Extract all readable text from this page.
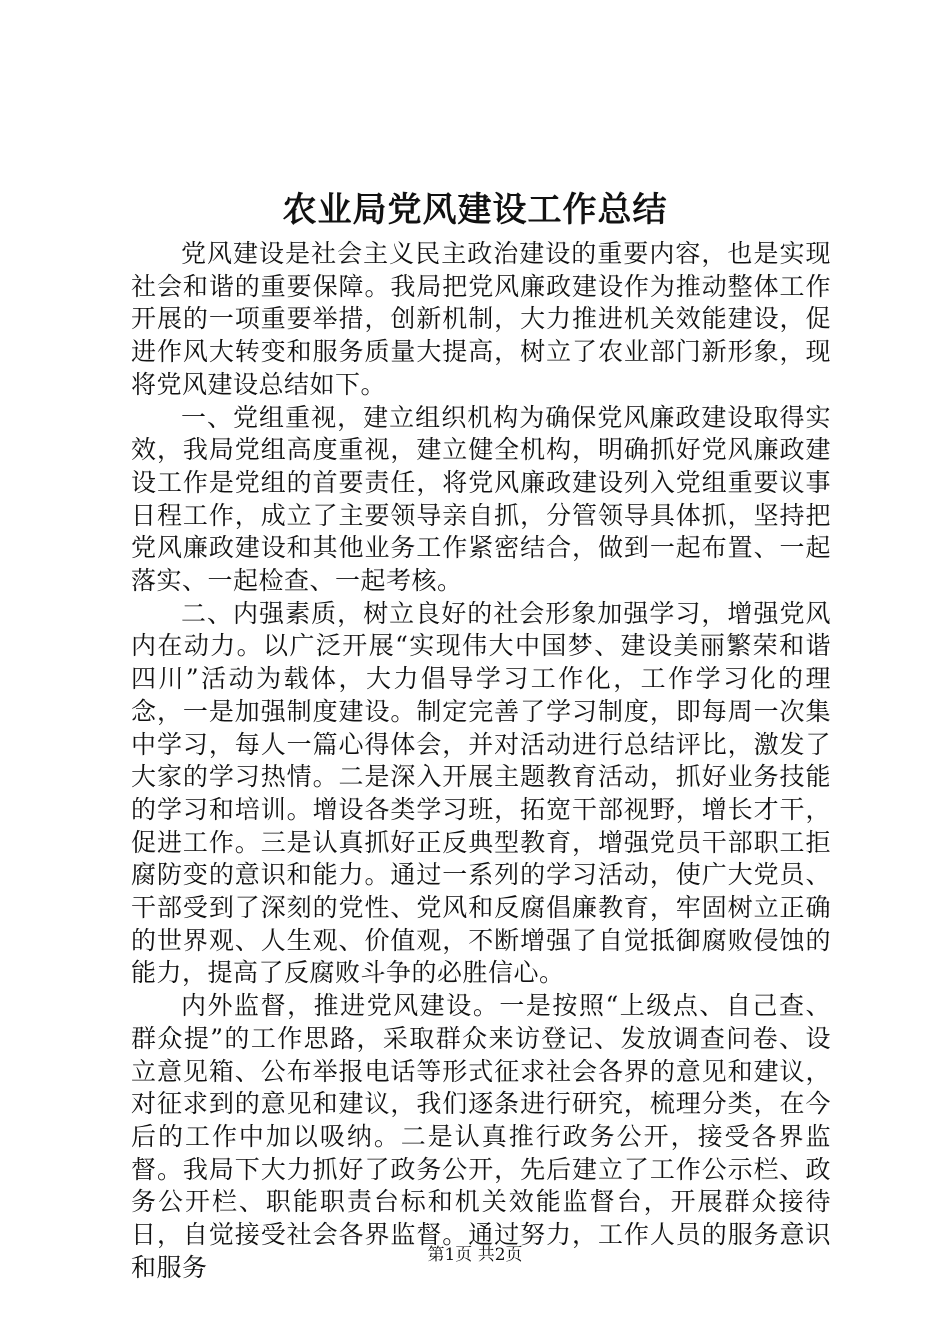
农业局党风建设工作总结

党风建设是社会主义民主政治建设的重要内容，也是实现社会和谐的重要保障。我局把党风廉政建设作为推动整体工作开展的一项重要举措，创新机制，大力推进机关效能建设，促进作风大转变和服务质量大提高，树立了农业部门新形象，现将党风建设总结如下。

一、党组重视，建立组织机构为确保党风廉政建设取得实效，我局党组高度重视，建立健全机构，明确抓好党风廉政建设工作是党组的首要责任，将党风廉政建设列入党组重要议事日程工作，成立了主要领导亲自抓，分管领导具体抓，坚持把党风廉政建设和其他业务工作紧密结合，做到一起布置、一起落实、一起检查、一起考核。

二、内强素质，树立良好的社会形象加强学习，增强党风内在动力。以广泛开展“实现伟大中国梦、建设美丽繁荣和谐四川”活动为载体，大力倡导学习工作化，工作学习化的理念，一是加强制度建设。制定完善了学习制度，即每周一次集中学习，每人一篇心得体会，并对活动进行总结评比，激发了大家的学习热情。二是深入开展主题教育活动，抓好业务技能的学习和培训。增设各类学习班，拓宽干部视野，增长才干，促进工作。三是认真抓好正反典型教育，增强党员干部职工拒腐防变的意识和能力。通过一系列的学习活动，使广大党员、干部受到了深刻的党性、党风和反腐倡廉教育，牢固树立正确的世界观、人生观、价值观，不断增强了自觉抵御腐败侵蚀的能力，提高了反腐败斗争的必胜信心。

内外监督，推进党风建设。一是按照“上级点、自己查、群众提”的工作思路，采取群众来访登记、发放调查问卷、设立意见箱、公布举报电话等形式征求社会各界的意见和建议，对征求到的意见和建议，我们逐条进行研究，梳理分类，在今后的工作中加以吸纳。二是认真推行政务公开，接受各界监督。我局下大力抓好了政务公开，先后建立了工作公示栏、政务公开栏、职能职责台标和机关效能监督台，开展群众接待日，自觉接受社会各界监督。通过努力，工作人员的服务意识和服务	第1页 共2页
